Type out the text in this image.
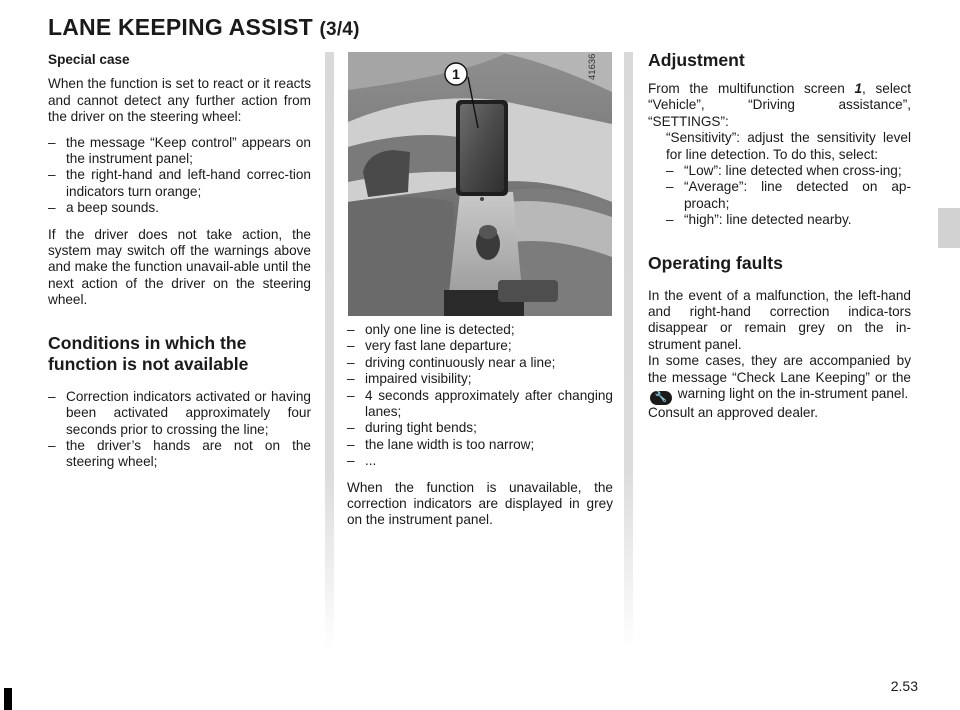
LANE KEEPING ASSIST (3/4)
Special case

When the function is set to react or it reacts and cannot detect any further action from the driver on the steering wheel:

– the message “Keep control” appears on the instrument panel;
– the right-hand and left-hand correc-tion indicators turn orange;
– a beep sounds.

If the driver does not take action, the system may switch off the warnings above and make the function unavail-able until the next action of the driver on the steering wheel.

Conditions in which the function is not available
– Correction indicators activated or having been activated approximately four seconds prior to crossing the line;
– the driver’s hands are not on the steering wheel;
1	41636
– only one line is detected;
– very fast lane departure;
– driving continuously near a line;
– impaired visibility;
– 4 seconds approximately after changing lanes;
– during tight bends;
– the lane width is too narrow;
– ...

When the function is unavailable, the correction indicators are displayed in grey on the instrument panel.

Adjustment

From the multifunction screen 1, select “Vehicle”, “Driving assistance”, “SETTINGS”:

“Sensitivity”: adjust the sensitivity level for line detection. To do this, select:

– “Low”: line detected when cross-ing;
– “Average”: line detected on ap-proach;
– “high”: line detected nearby.
Operating faults

In the event of a malfunction, the left-hand and right-hand correction indica-tors disappear or remain grey on the in-strument panel.

In some cases, they are accompanied by the message “Check Lane Keeping” or the 🔧 warning light on the in-strument panel.

Consult an approved dealer.

2.53
